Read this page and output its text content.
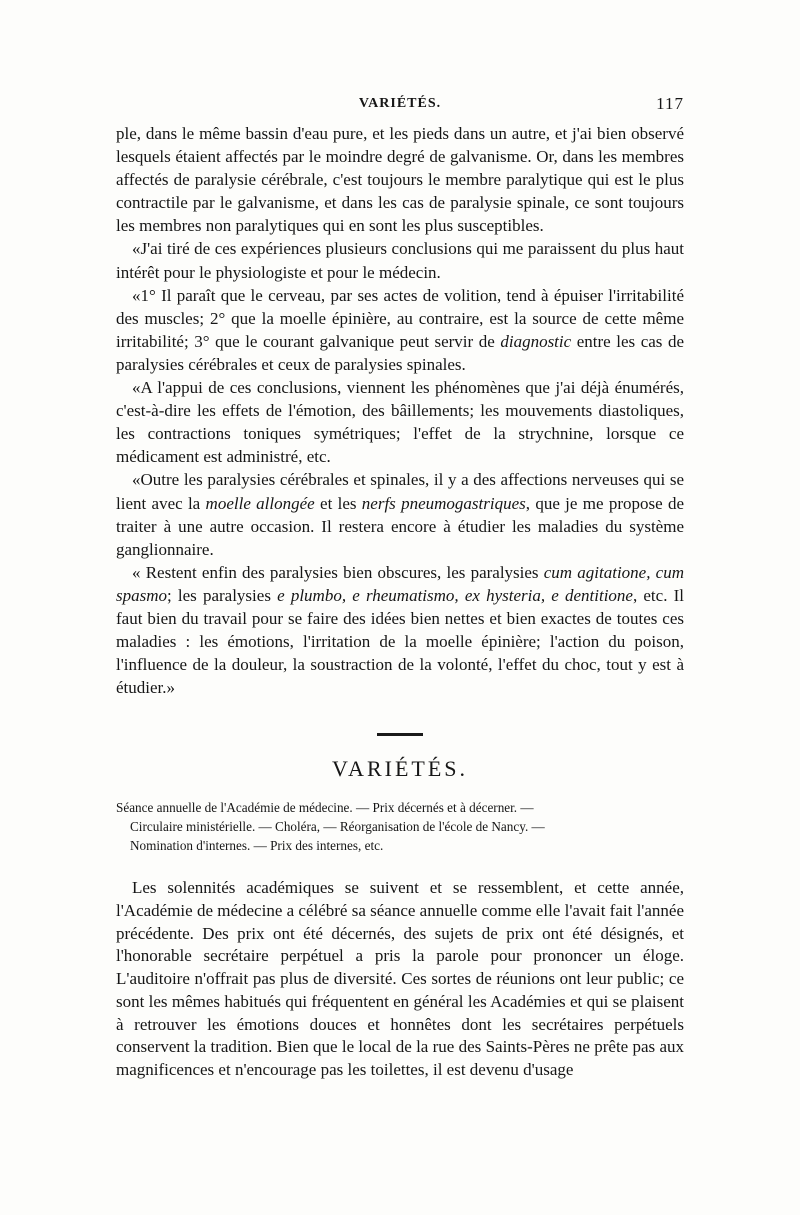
VARIÉTÉS.	117

ple, dans le même bassin d'eau pure, et les pieds dans un autre, et j'ai bien observé lesquels étaient affectés par le moindre degré de galvanisme. Or, dans les membres affectés de paralysie cérébrale, c'est toujours le membre paralytique qui est le plus contractile par le galvanisme, et dans les cas de paralysie spinale, ce sont toujours les membres non paralytiques qui en sont les plus susceptibles.

«J'ai tiré de ces expériences plusieurs conclusions qui me paraissent du plus haut intérêt pour le physiologiste et pour le médecin.

«1° Il paraît que le cerveau, par ses actes de volition, tend à épuiser l'irritabilité des muscles; 2° que la moelle épinière, au contraire, est la source de cette même irritabilité; 3° que le courant galvanique peut servir de diagnostic entre les cas de paralysies cérébrales et ceux de paralysies spinales.

«A l'appui de ces conclusions, viennent les phénomènes que j'ai déjà énumérés, c'est-à-dire les effets de l'émotion, des bâillements; les mouvements diastoliques, les contractions toniques symétriques; l'effet de la strychnine, lorsque ce médicament est administré, etc.

«Outre les paralysies cérébrales et spinales, il y a des affections nerveuses qui se lient avec la moelle allongée et les nerfs pneumogastriques, que je me propose de traiter à une autre occasion. Il restera encore à étudier les maladies du système ganglionnaire.

« Restent enfin des paralysies bien obscures, les paralysies cum agitatione, cum spasmo; les paralysies e plumbo, e rheumatismo, ex hysteria, e dentitione, etc. Il faut bien du travail pour se faire des idées bien nettes et bien exactes de toutes ces maladies : les émotions, l'irritation de la moelle épinière; l'action du poison, l'influence de la douleur, la soustraction de la volonté, l'effet du choc, tout y est à étudier.»

VARIÉTÉS.
Séance annuelle de l'Académie de médecine. — Prix décernés et à décerner. —
Circulaire ministérielle. — Choléra, — Réorganisation de l'école de Nancy. —
Nomination d'internes. — Prix des internes, etc.

Les solennités académiques se suivent et se ressemblent, et cette année, l'Académie de médecine a célébré sa séance annuelle comme elle l'avait fait l'année précédente. Des prix ont été décernés, des sujets de prix ont été désignés, et l'honorable secrétaire perpétuel a pris la parole pour prononcer un éloge. L'auditoire n'offrait pas plus de diversité. Ces sortes de réunions ont leur public; ce sont les mêmes habitués qui fréquentent en général les Académies et qui se plaisent à retrouver les émotions douces et honnêtes dont les secrétaires perpétuels conservent la tradition. Bien que le local de la rue des Saints-Pères ne prête pas aux magnificences et n'encourage pas les toilettes, il est devenu d'usage
